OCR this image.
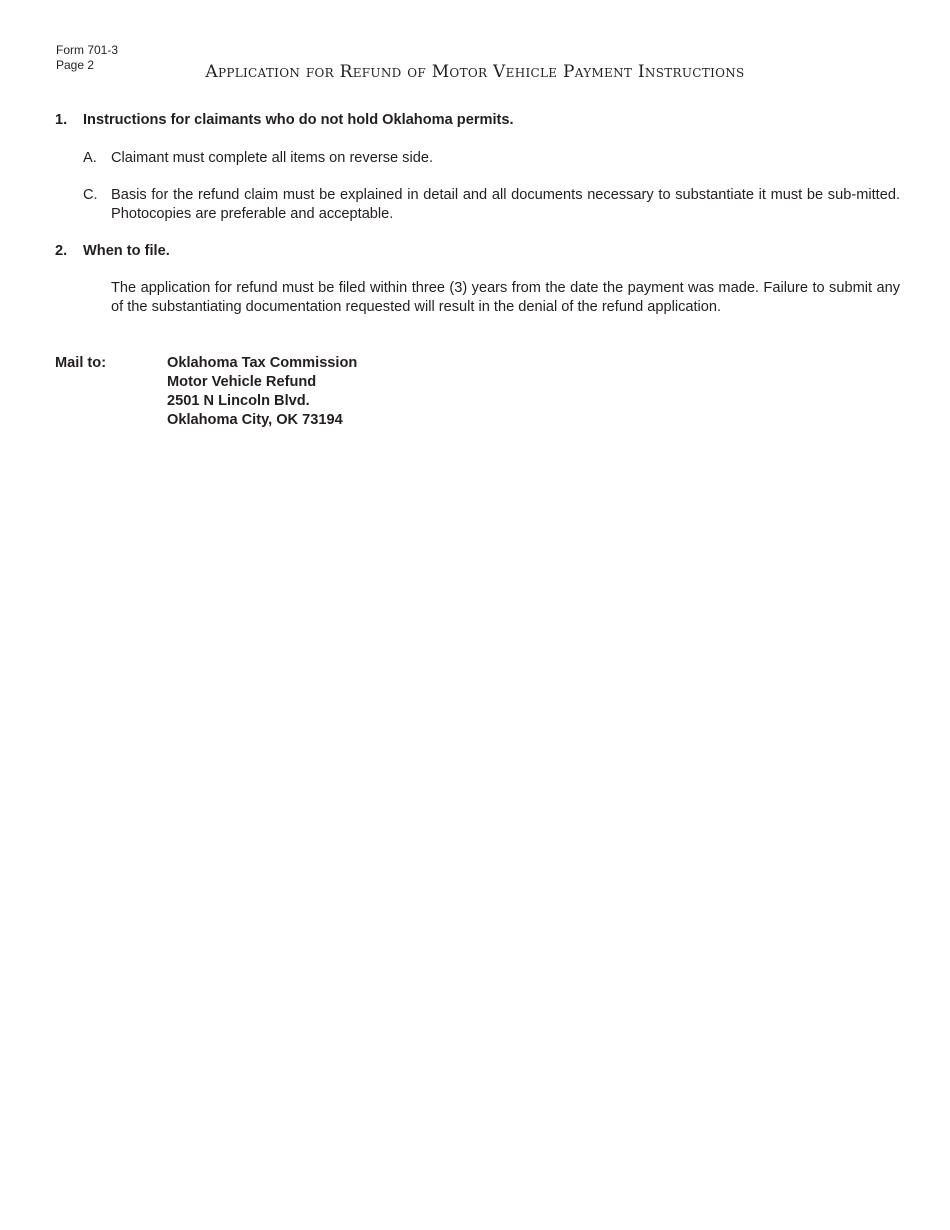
Form 701-3
Page 2	Application for Refund of Motor Vehicle Payment Instructions
1.	Instructions for claimants who do not hold Oklahoma permits.
A. Claimant must complete all items on reverse side.
C. Basis for the refund claim must be explained in detail and all documents necessary to substantiate it must be sub-mitted. Photocopies are preferable and acceptable.
2.	When to file.
The application for refund must be filed within three (3) years from the date the payment was made. Failure to submit any of the substantiating documentation requested will result in the denial of the refund application.
Mail to:	Oklahoma Tax Commission
Motor Vehicle Refund
2501 N Lincoln Blvd.
Oklahoma City, OK 73194
